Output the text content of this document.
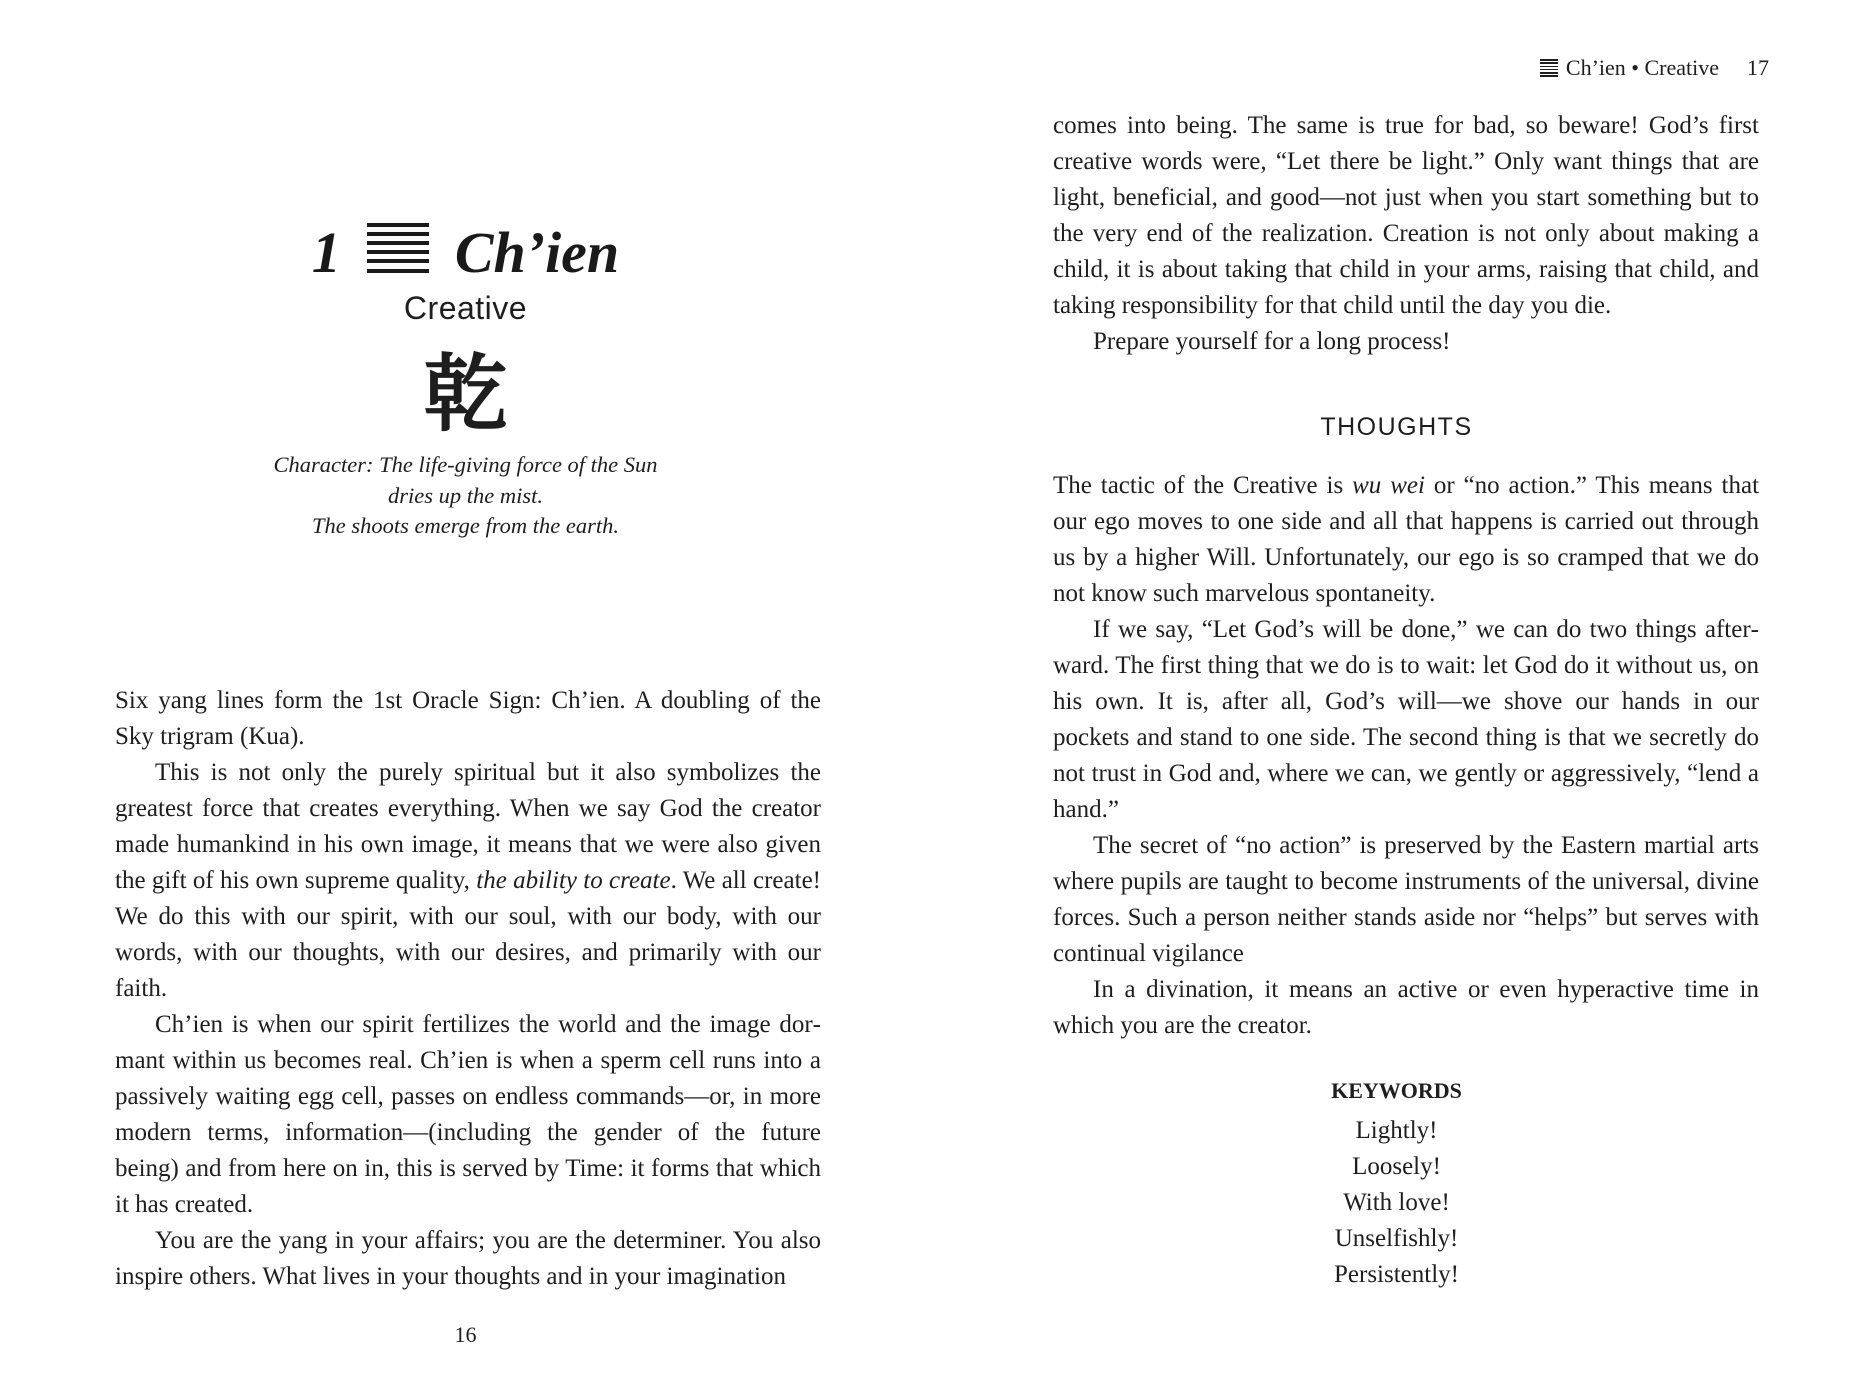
1 Ch’ien
Creative
乾
Character: The life-giving force of the Sun
dries up the mist.
The shoots emerge from the earth.

Six yang lines form the 1st Oracle Sign: Ch’ien. A doubling of the Sky trigram (Kua).

This is not only the purely spiritual but it also symbolizes the greatest force that creates everything. When we say God the creator made humankind in his own image, it means that we were also given the gift of his own supreme quality, the ability to create. We all create! We do this with our spirit, with our soul, with our body, with our words, with our thoughts, with our desires, and primarily with our faith.

Ch’ien is when our spirit fertilizes the world and the image dormant within us becomes real. Ch’ien is when a sperm cell runs into a passively waiting egg cell, passes on endless commands—or, in more modern terms, information—(including the gender of the future being) and from here on in, this is served by Time: it forms that which it has created.

You are the yang in your affairs; you are the determiner. You also inspire others. What lives in your thoughts and in your imagination

16
Ch’ien • Creative 17

comes into being. The same is true for bad, so beware! God’s first creative words were, “Let there be light.” Only want things that are light, beneficial, and good—not just when you start something but to the very end of the realization. Creation is not only about making a child, it is about taking that child in your arms, raising that child, and taking responsibility for that child until the day you die.

Prepare yourself for a long process!

THOUGHTS

The tactic of the Creative is wu wei or “no action.” This means that our ego moves to one side and all that happens is carried out through us by a higher Will. Unfortunately, our ego is so cramped that we do not know such marvelous spontaneity.

If we say, “Let God’s will be done,” we can do two things afterward. The first thing that we do is to wait: let God do it without us, on his own. It is, after all, God’s will—we shove our hands in our pockets and stand to one side. The second thing is that we secretly do not trust in God and, where we can, we gently or aggressively, “lend a hand.”

The secret of “no action” is preserved by the Eastern martial arts where pupils are taught to become instruments of the universal, divine forces. Such a person neither stands aside nor “helps” but serves with continual vigilance

In a divination, it means an active or even hyperactive time in which you are the creator.

KEYWORDS
Lightly!
Loosely!
With love!
Unselfishly!
Persistently!
